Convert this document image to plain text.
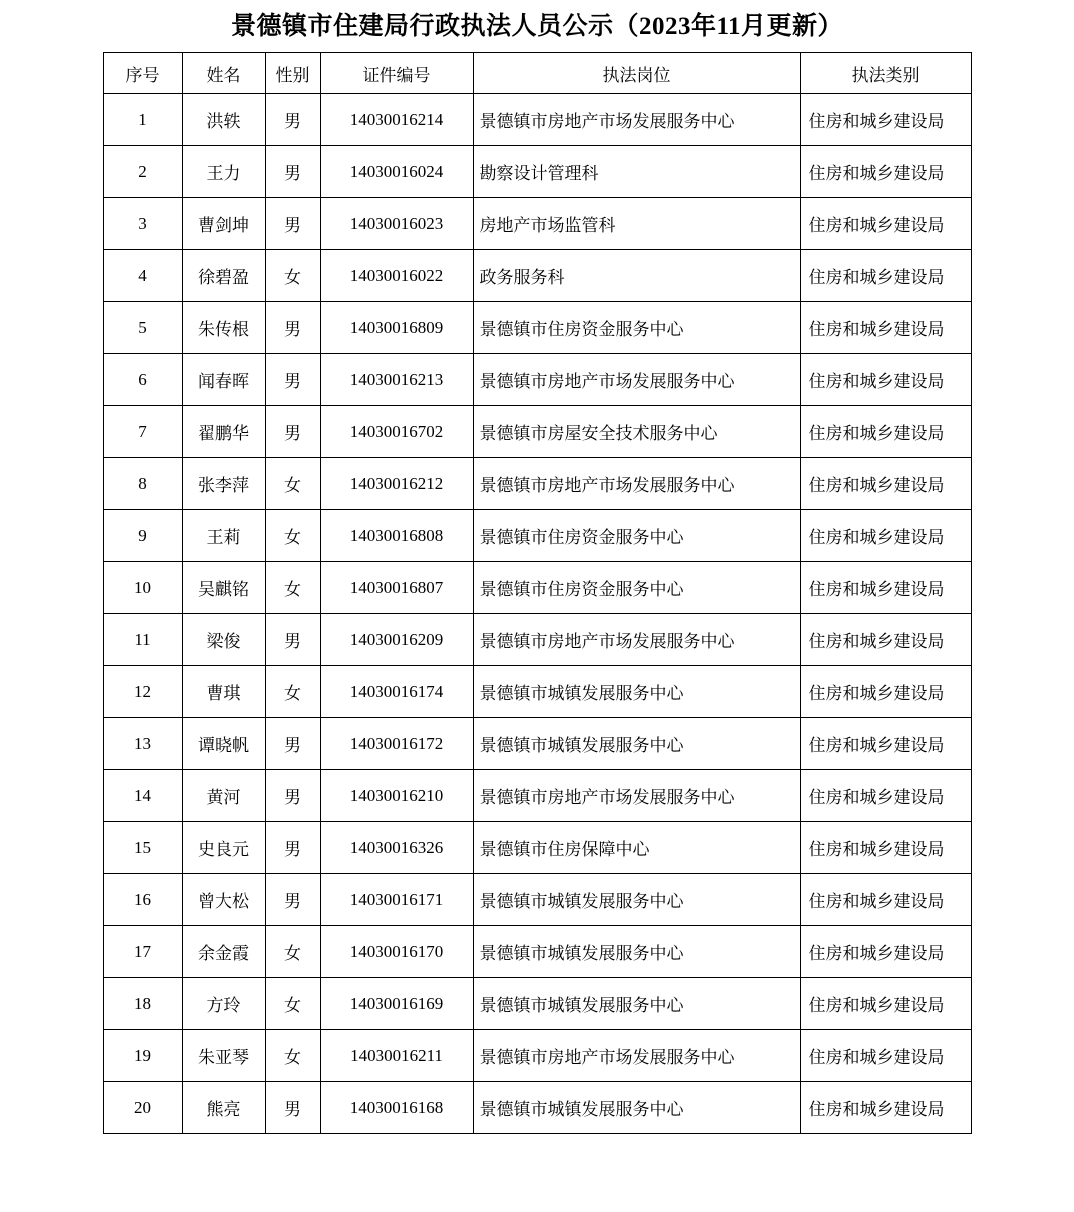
景德镇市住建局行政执法人员公示（2023年11月更新）
序号	姓名	性别	证件编号	执法岗位	执法类别
1	洪轶	男	14030016214	景德镇市房地产市场发展服务中心	住房和城乡建设局
2	王力	男	14030016024	勘察设计管理科	住房和城乡建设局
3	曹剑坤	男	14030016023	房地产市场监管科	住房和城乡建设局
4	徐碧盈	女	14030016022	政务服务科	住房和城乡建设局
5	朱传根	男	14030016809	景德镇市住房资金服务中心	住房和城乡建设局
6	闻春晖	男	14030016213	景德镇市房地产市场发展服务中心	住房和城乡建设局
7	翟鹏华	男	14030016702	景德镇市房屋安全技术服务中心	住房和城乡建设局
8	张李萍	女	14030016212	景德镇市房地产市场发展服务中心	住房和城乡建设局
9	王莉	女	14030016808	景德镇市住房资金服务中心	住房和城乡建设局
10	吴麒铭	女	14030016807	景德镇市住房资金服务中心	住房和城乡建设局
11	梁俊	男	14030016209	景德镇市房地产市场发展服务中心	住房和城乡建设局
12	曹琪	女	14030016174	景德镇市城镇发展服务中心	住房和城乡建设局
13	谭晓帆	男	14030016172	景德镇市城镇发展服务中心	住房和城乡建设局
14	黄河	男	14030016210	景德镇市房地产市场发展服务中心	住房和城乡建设局
15	史良元	男	14030016326	景德镇市住房保障中心	住房和城乡建设局
16	曾大松	男	14030016171	景德镇市城镇发展服务中心	住房和城乡建设局
17	余金霞	女	14030016170	景德镇市城镇发展服务中心	住房和城乡建设局
18	方玲	女	14030016169	景德镇市城镇发展服务中心	住房和城乡建设局
19	朱亚琴	女	14030016211	景德镇市房地产市场发展服务中心	住房和城乡建设局
20	熊亮	男	14030016168	景德镇市城镇发展服务中心	住房和城乡建设局
